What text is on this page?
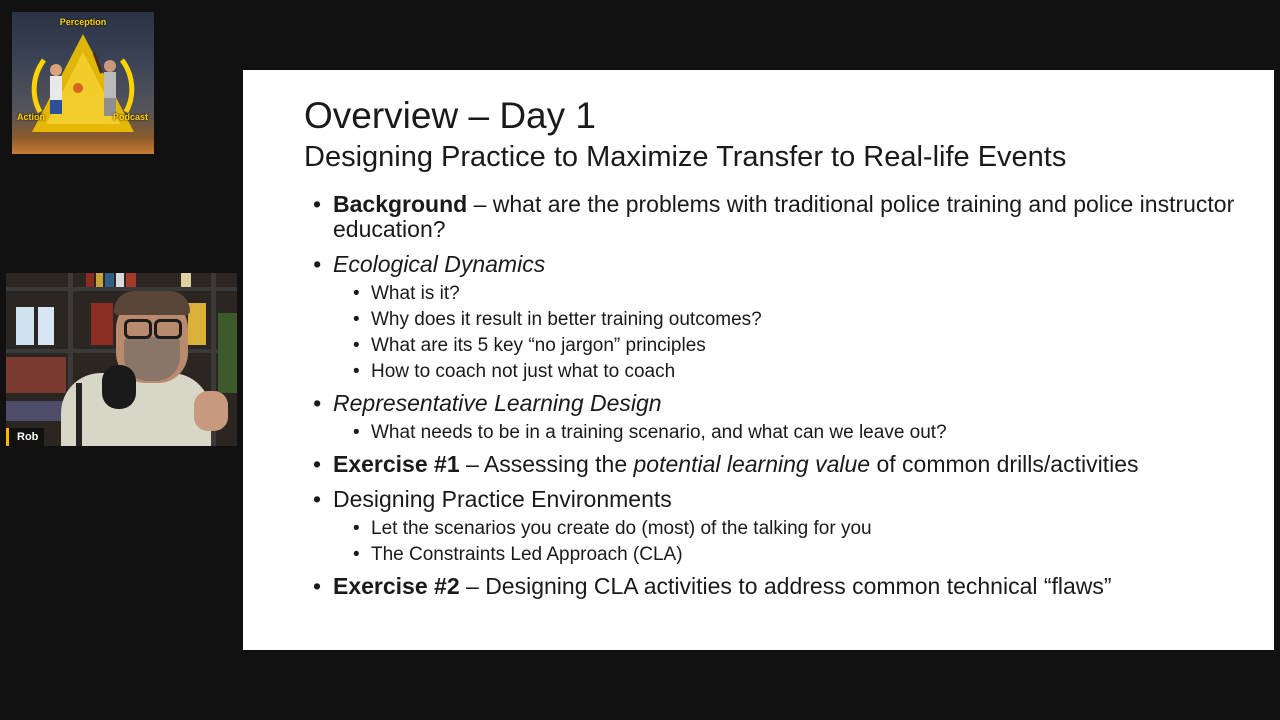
Perception
Action	Podcast
Rob
Overview – Day 1
Designing Practice to Maximize Transfer to Real-life Events
• Background – what are the problems with traditional police training and police instructor education?
• Ecological Dynamics
• What is it?
• Why does it result in better training outcomes?
• What are its 5 key “no jargon” principles
• How to coach not just what to coach
• Representative Learning Design
• What needs to be in a training scenario, and what can we leave out?
• Exercise #1 – Assessing the potential learning value of common drills/activities
• Designing Practice Environments
• Let the scenarios you create do (most) of the talking for you
• The Constraints Led Approach (CLA)
• Exercise #2 – Designing CLA activities to address common technical “flaws”
